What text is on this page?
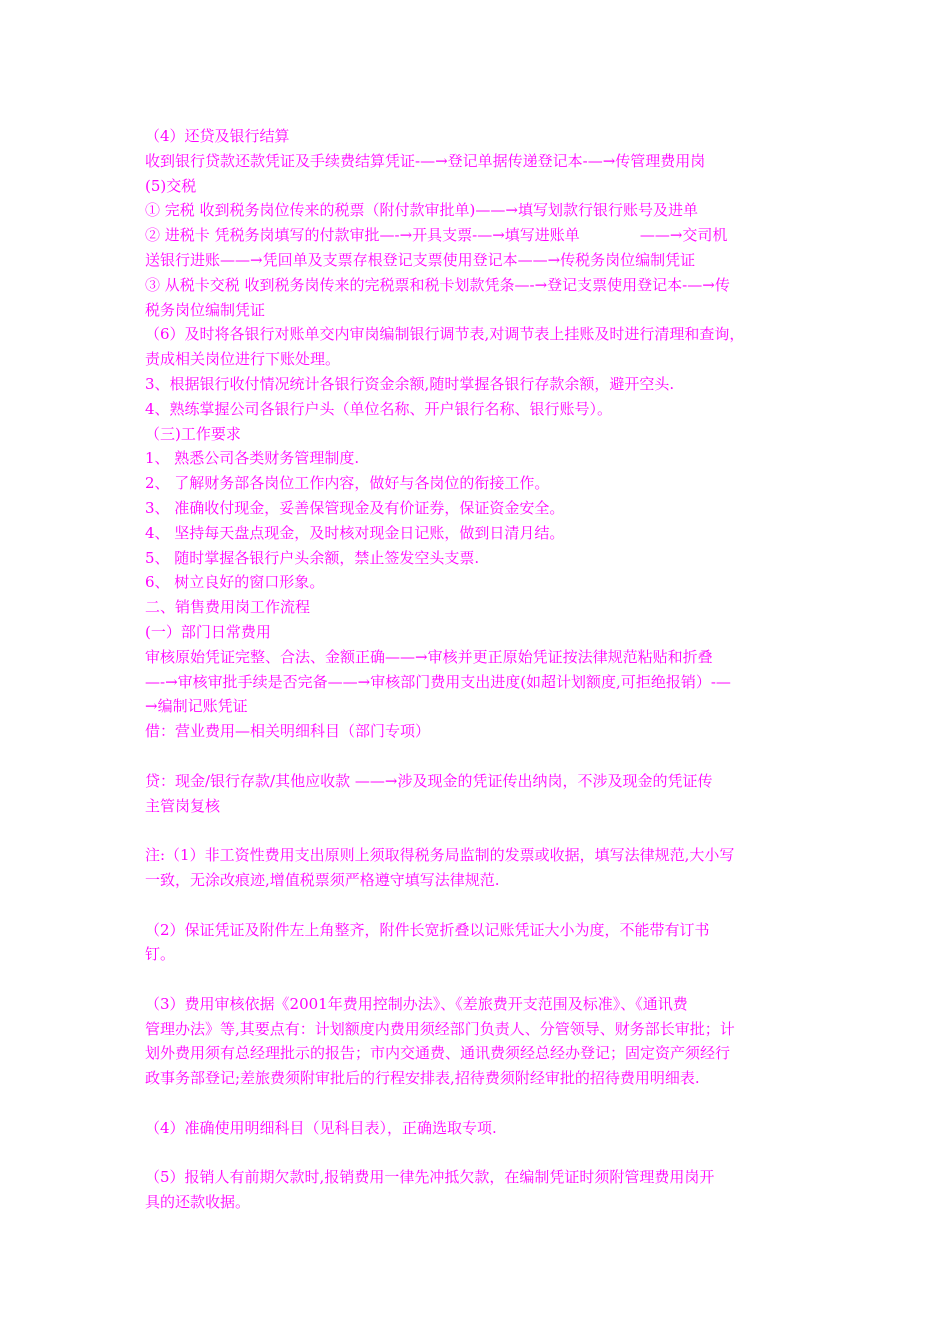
（4）还贷及银行结算
收到银行贷款还款凭证及手续费结算凭证-—→登记单据传递登记本-—→传管理费用岗
(5)交税
① 完税 收到税务岗位传来的税票（附付款审批单)——→填写划款行银行账号及进单
② 进税卡 凭税务岗填写的付款审批—-→开具支票-—→填写进账单　　　　——→交司机
送银行进账——→凭回单及支票存根登记支票使用登记本——→传税务岗位编制凭证
③ 从税卡交税 收到税务岗传来的完税票和税卡划款凭条—-→登记支票使用登记本-—→传
税务岗位编制凭证
（6）及时将各银行对账单交内审岗编制银行调节表,对调节表上挂账及时进行清理和查询，
责成相关岗位进行下账处理。
3、根据银行收付情况统计各银行资金余额,随时掌握各银行存款余额，避开空头.
4、熟练掌握公司各银行户头（单位名称、开户银行名称、银行账号）。
（三)工作要求
1、 熟悉公司各类财务管理制度.
2、 了解财务部各岗位工作内容，做好与各岗位的衔接工作。
3、 准确收付现金，妥善保管现金及有价证券，保证资金安全。
4、 坚持每天盘点现金，及时核对现金日记账，做到日清月结。
5、 随时掌握各银行户头余额，禁止签发空头支票.
6、 树立良好的窗口形象。
二、销售费用岗工作流程
(一）部门日常费用
审核原始凭证完整、合法、金额正确——→审核并更正原始凭证按法律规范粘贴和折叠
—-→审核审批手续是否完备——→审核部门费用支出进度(如超计划额度,可拒绝报销）-—
→编制记账凭证
借：营业费用—相关明细科目（部门专项）
贷：现金/银行存款/其他应收款 ——→涉及现金的凭证传出纳岗，不涉及现金的凭证传
主管岗复核
注:（1）非工资性费用支出原则上须取得税务局监制的发票或收据，填写法律规范,大小写
一致，无涂改痕迹,增值税票须严格遵守填写法律规范.
（2）保证凭证及附件左上角整齐，附件长宽折叠以记账凭证大小为度，不能带有订书
钉。
（3）费用审核依据《2001年费用控制办法》、《差旅费开支范围及标准》、《通讯费
管理办法》等,其要点有：计划额度内费用须经部门负责人、分管领导、财务部长审批；计
划外费用须有总经理批示的报告；市内交通费、通讯费须经总经办登记；固定资产须经行
政事务部登记;差旅费须附审批后的行程安排表,招待费须附经审批的招待费用明细表.
（4）准确使用明细科目（见科目表），正确选取专项.
（5）报销人有前期欠款时,报销费用一律先冲抵欠款，在编制凭证时须附管理费用岗开
具的还款收据。
